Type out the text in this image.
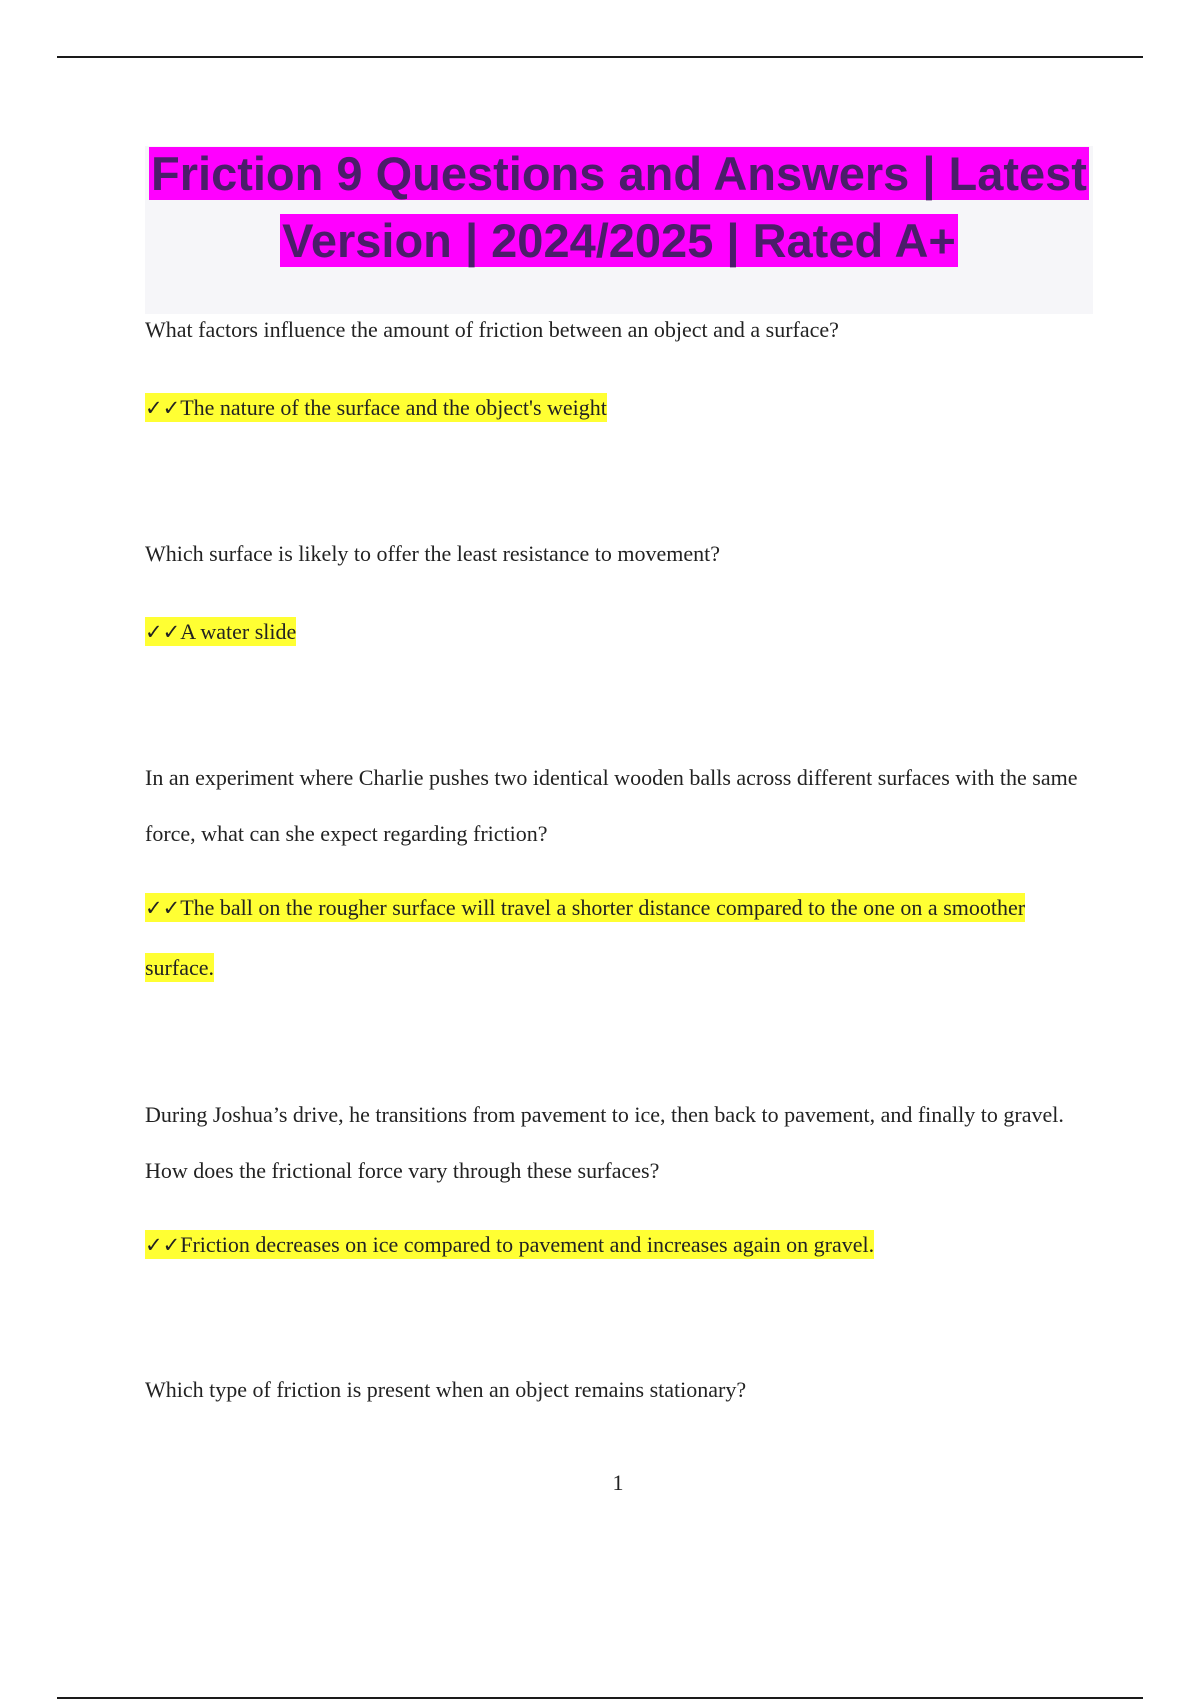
Friction 9 Questions and Answers | Latest Version | 2024/2025 | Rated A+

What factors influence the amount of friction between an object and a surface?

✓✓The nature of the surface and the object's weight

Which surface is likely to offer the least resistance to movement?

✓✓A water slide

In an experiment where Charlie pushes two identical wooden balls across different surfaces with the same force, what can she expect regarding friction?

✓✓The ball on the rougher surface will travel a shorter distance compared to the one on a smoother surface.

During Joshua’s drive, he transitions from pavement to ice, then back to pavement, and finally to gravel. How does the frictional force vary through these surfaces?

✓✓Friction decreases on ice compared to pavement and increases again on gravel.

Which type of friction is present when an object remains stationary?

1
